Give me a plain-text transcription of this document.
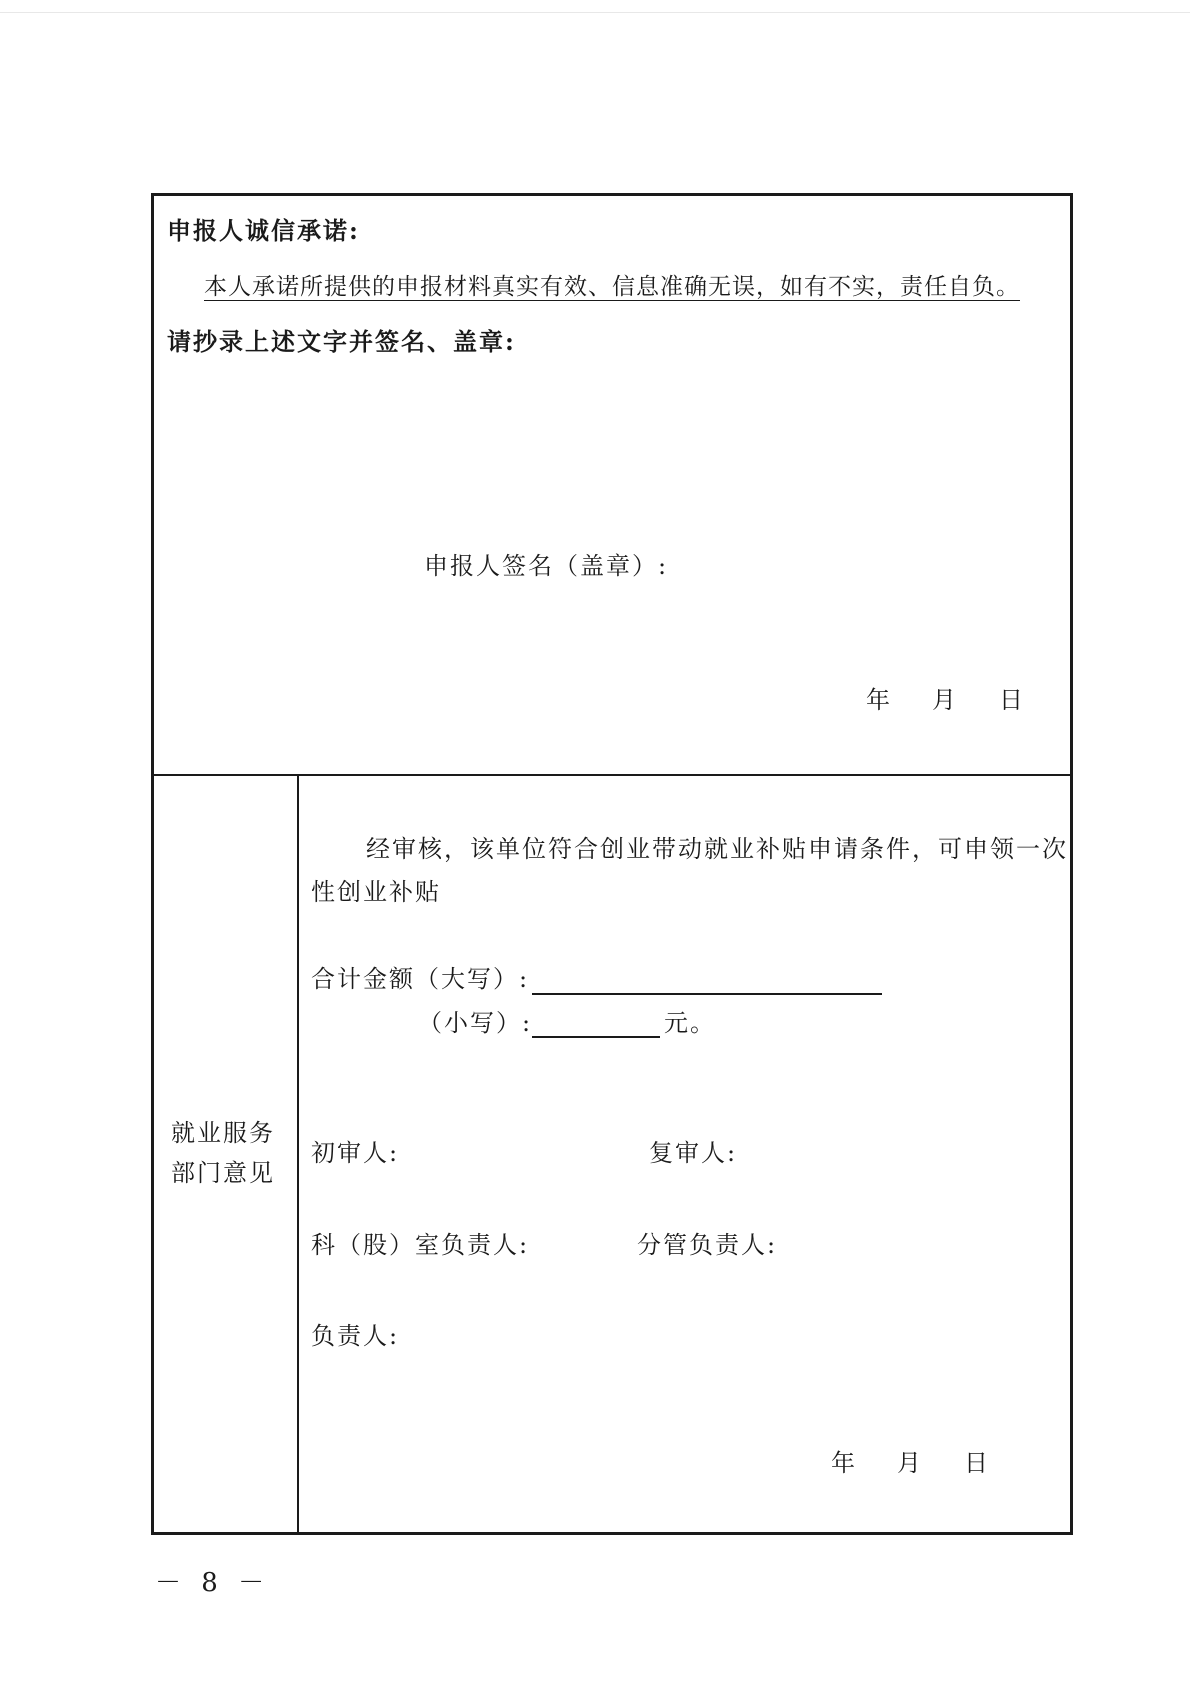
申报人诚信承诺:
本人承诺所提供的申报材料真实有效、信息准确无误，如有不实，责任自负。
请抄录上述文字并签名、盖章:
申报人签名（盖章）:
年 月 日
就业服务
部门意见
经审核，该单位符合创业带动就业补贴申请条件，可申领一次
性创业补贴
合计金额（大写）:
（小写）:	元。
初审人:	复审人:
科（股）室负责人:	分管负责人:
负责人:
年 月 日
－ 8 －
